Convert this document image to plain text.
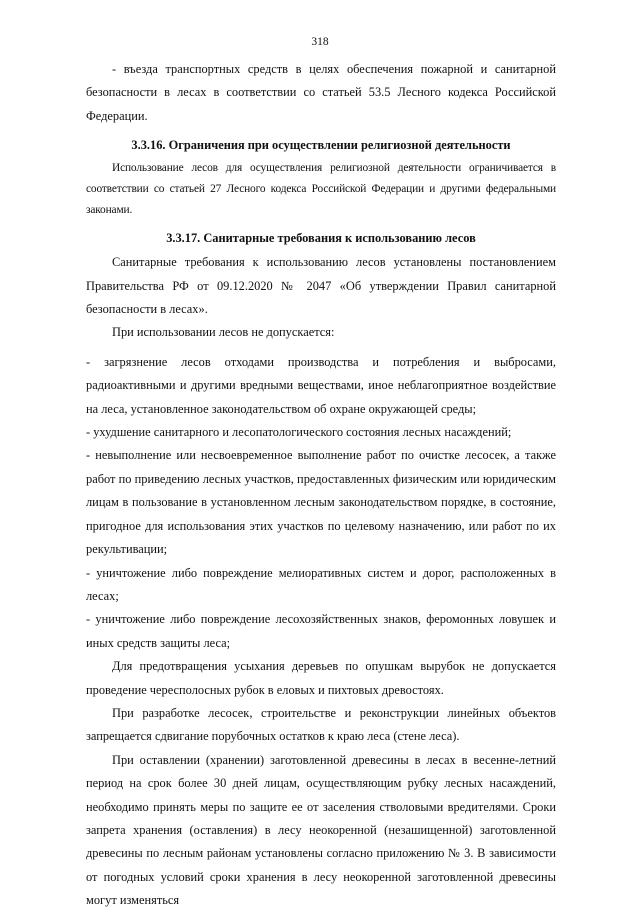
318

- въезда транспортных средств в целях обеспечения пожарной и санитарной безопасности в лесах в соответствии со статьей 53.5 Лесного кодекса Российской Федерации.

3.3.16. Ограничения при осуществлении религиозной деятельности

Использование лесов для осуществления религиозной деятельности ограничивается в соответствии со статьей 27 Лесного кодекса Российской Федерации и другими федеральными законами.

3.3.17. Санитарные требования к использованию лесов

Санитарные требования к использованию лесов установлены постановлением Правительства РФ от 09.12.2020 № 2047 «Об утверждении Правил санитарной безопасности в лесах».

При использовании лесов не допускается:

- загрязнение лесов отходами производства и потребления и выбросами, радиоактивными и другими вредными веществами, иное неблагоприятное воздействие на леса, установленное законодательством об охране окружающей среды;

- ухудшение санитарного и лесопатологического состояния лесных насаждений;

- невыполнение или несвоевременное выполнение работ по очистке лесосек, а также работ по приведению лесных участков, предоставленных физическим или юридическим лицам в пользование в установленном лесным законодательством порядке, в состояние, пригодное для использования этих участков по целевому назначению, или работ по их рекультивации;

- уничтожение либо повреждение мелиоративных систем и дорог, расположенных в лесах;

- уничтожение либо повреждение лесохозяйственных знаков, феромонных ловушек и иных средств защиты леса;

Для предотвращения усыхания деревьев по опушкам вырубок не допускается проведение чересполосных рубок в еловых и пихтовых древостоях.

При разработке лесосек, строительстве и реконструкции линейных объектов запрещается сдвигание порубочных остатков к краю леса (стене леса).

При оставлении (хранении) заготовленной древесины в лесах в весенне-летний период на срок более 30 дней лицам, осуществляющим рубку лесных насаждений, необходимо принять меры по защите ее от заселения стволовыми вредителями. Сроки запрета хранения (оставления) в лесу неокоренной (незашищенной) заготовленной древесины по лесным районам установлены согласно приложению № 3. В зависимости от погодных условий сроки хранения в лесу неокоренной заготовленной древесины могут изменяться
